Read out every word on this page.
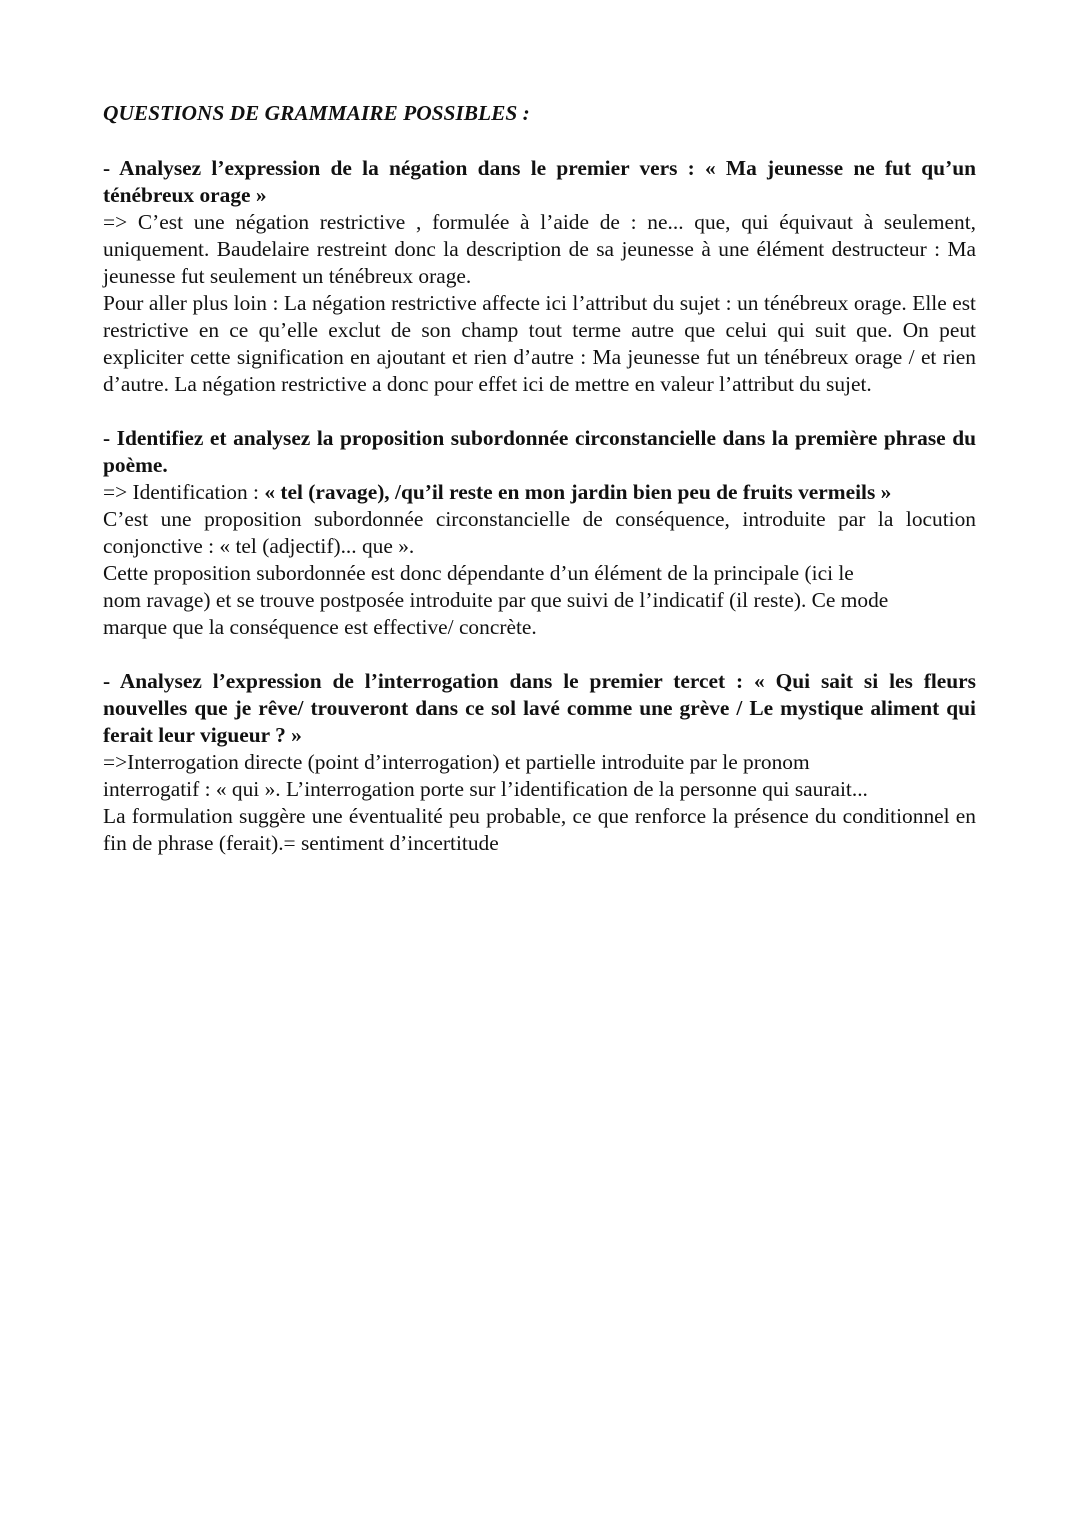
QUESTIONS DE GRAMMAIRE POSSIBLES :

- Analysez l’expression de la négation dans le premier vers : « Ma jeunesse ne fut qu’un ténébreux orage »

=> C’est une négation restrictive , formulée à l’aide de : ne... que, qui équivaut à seulement, uniquement. Baudelaire restreint donc la description de sa jeunesse à une élément destructeur : Ma jeunesse fut seulement un ténébreux orage.

Pour aller plus loin : La négation restrictive affecte ici l’attribut du sujet : un ténébreux orage. Elle est restrictive en ce qu’elle exclut de son champ tout terme autre que celui qui suit que. On peut expliciter cette signification en ajoutant et rien d’autre : Ma jeunesse fut un ténébreux orage / et rien d’autre. La négation restrictive a donc pour effet ici de mettre en valeur l’attribut du sujet.

- Identifiez et analysez la proposition subordonnée circonstancielle dans la première phrase du poème.

=> Identification : « tel (ravage), /qu’il reste en mon jardin bien peu de fruits vermeils »

C’est une proposition subordonnée circonstancielle de conséquence, introduite par la locution conjonctive : « tel (adjectif)... que ».

Cette proposition subordonnée est donc dépendante d’un élément de la principale (ici le

nom ravage) et se trouve postposée introduite par que suivi de l’indicatif (il reste). Ce mode

marque que la conséquence est effective/ concrète.

- Analysez l’expression de l’interrogation dans le premier tercet : « Qui sait si les fleurs nouvelles que je rêve/ trouveront dans ce sol lavé comme une grève / Le mystique aliment qui ferait leur vigueur ? »

=>Interrogation directe (point d’interrogation) et partielle introduite par le pronom

interrogatif : « qui ». L’interrogation porte sur l’identification de la personne qui saurait...

La formulation suggère une éventualité peu probable, ce que renforce la présence du conditionnel en fin de phrase (ferait).= sentiment d’incertitude
